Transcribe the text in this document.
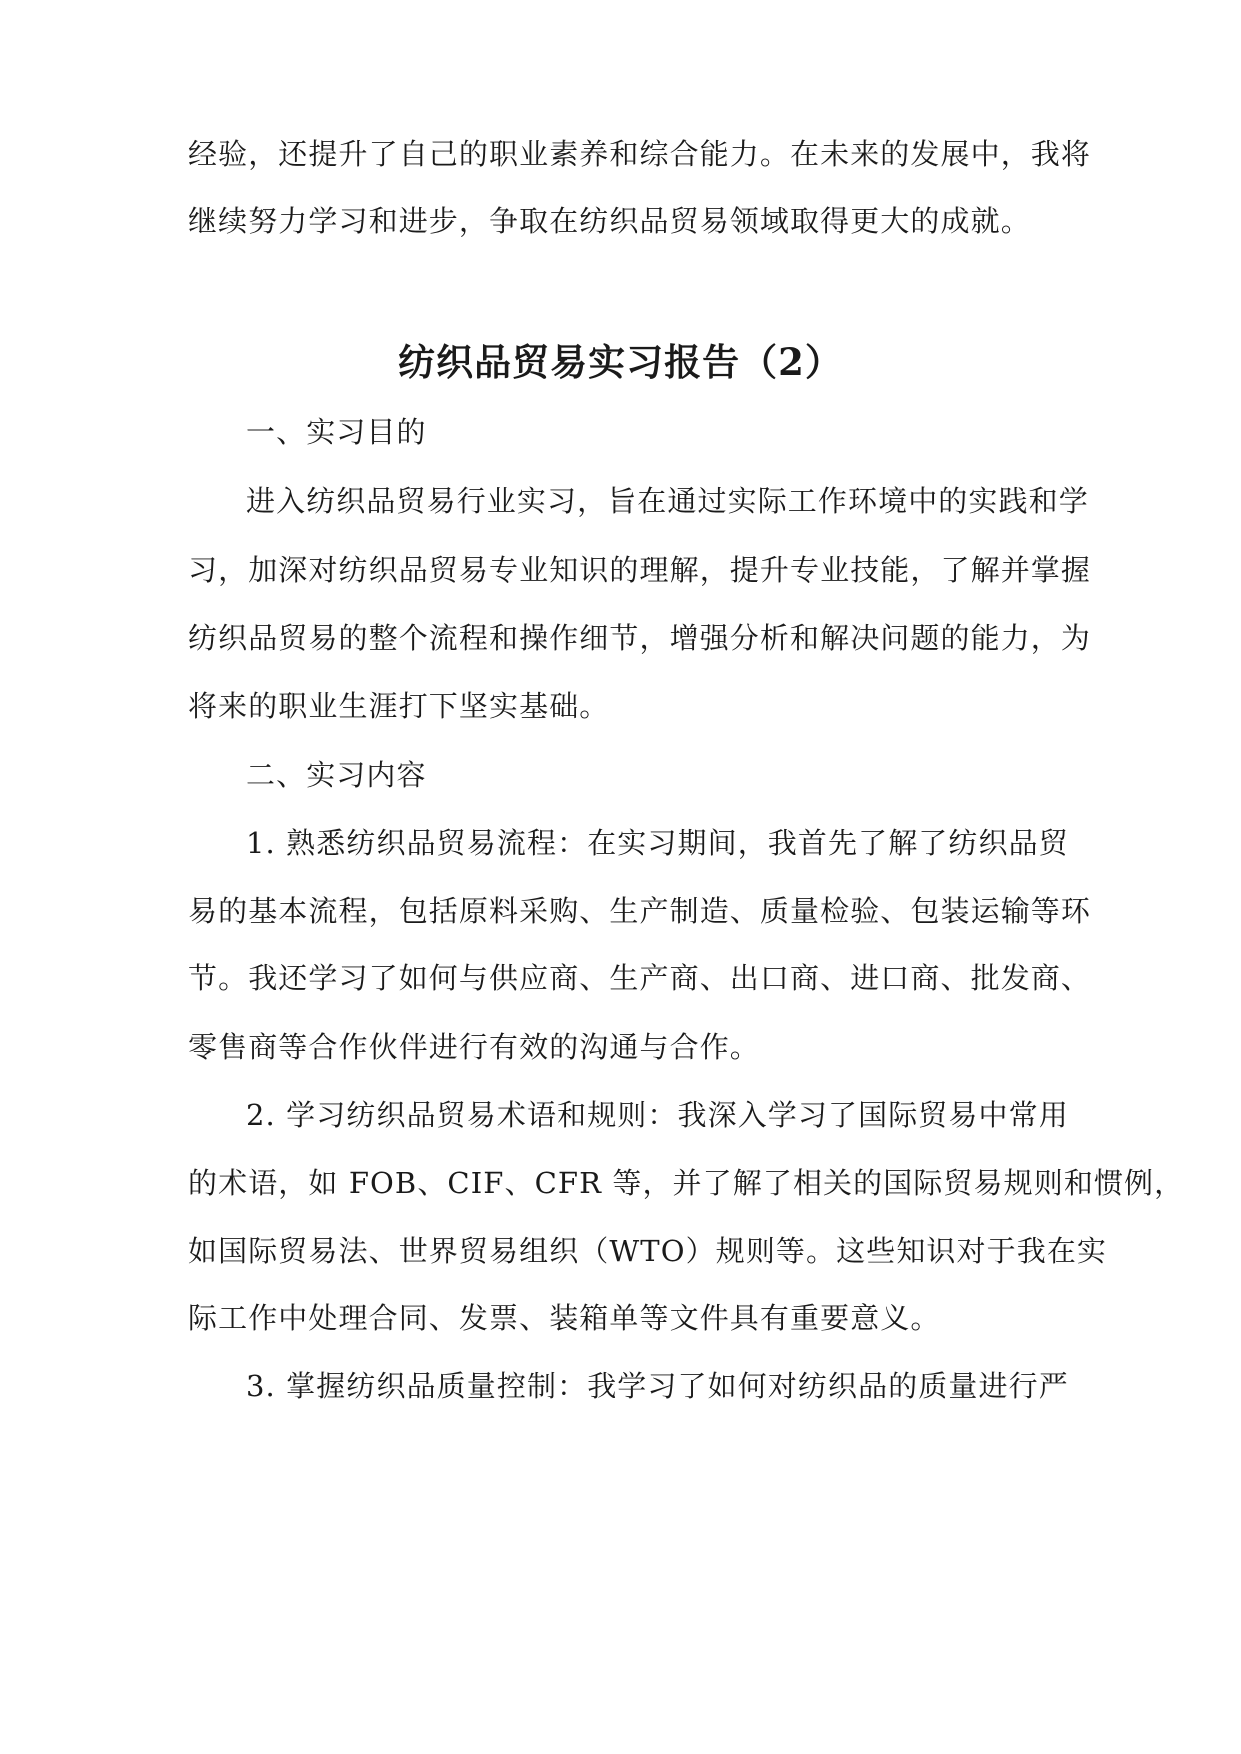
经验，还提升了自己的职业素养和综合能力。在未来的发展中，我将
继续努力学习和进步，争取在纺织品贸易领域取得更大的成就。
纺织品贸易实习报告（2）
一、实习目的
进入纺织品贸易行业实习，旨在通过实际工作环境中的实践和学
习，加深对纺织品贸易专业知识的理解，提升专业技能，了解并掌握
纺织品贸易的整个流程和操作细节，增强分析和解决问题的能力，为
将来的职业生涯打下坚实基础。
二、实习内容
1. 熟悉纺织品贸易流程：在实习期间，我首先了解了纺织品贸
易的基本流程，包括原料采购、生产制造、质量检验、包装运输等环
节。我还学习了如何与供应商、生产商、出口商、进口商、批发商、
零售商等合作伙伴进行有效的沟通与合作。
2. 学习纺织品贸易术语和规则：我深入学习了国际贸易中常用
的术语，如 FOB、CIF、CFR 等，并了解了相关的国际贸易规则和惯例，
如国际贸易法、世界贸易组织（WTO）规则等。这些知识对于我在实
际工作中处理合同、发票、装箱单等文件具有重要意义。
3. 掌握纺织品质量控制：我学习了如何对纺织品的质量进行严
